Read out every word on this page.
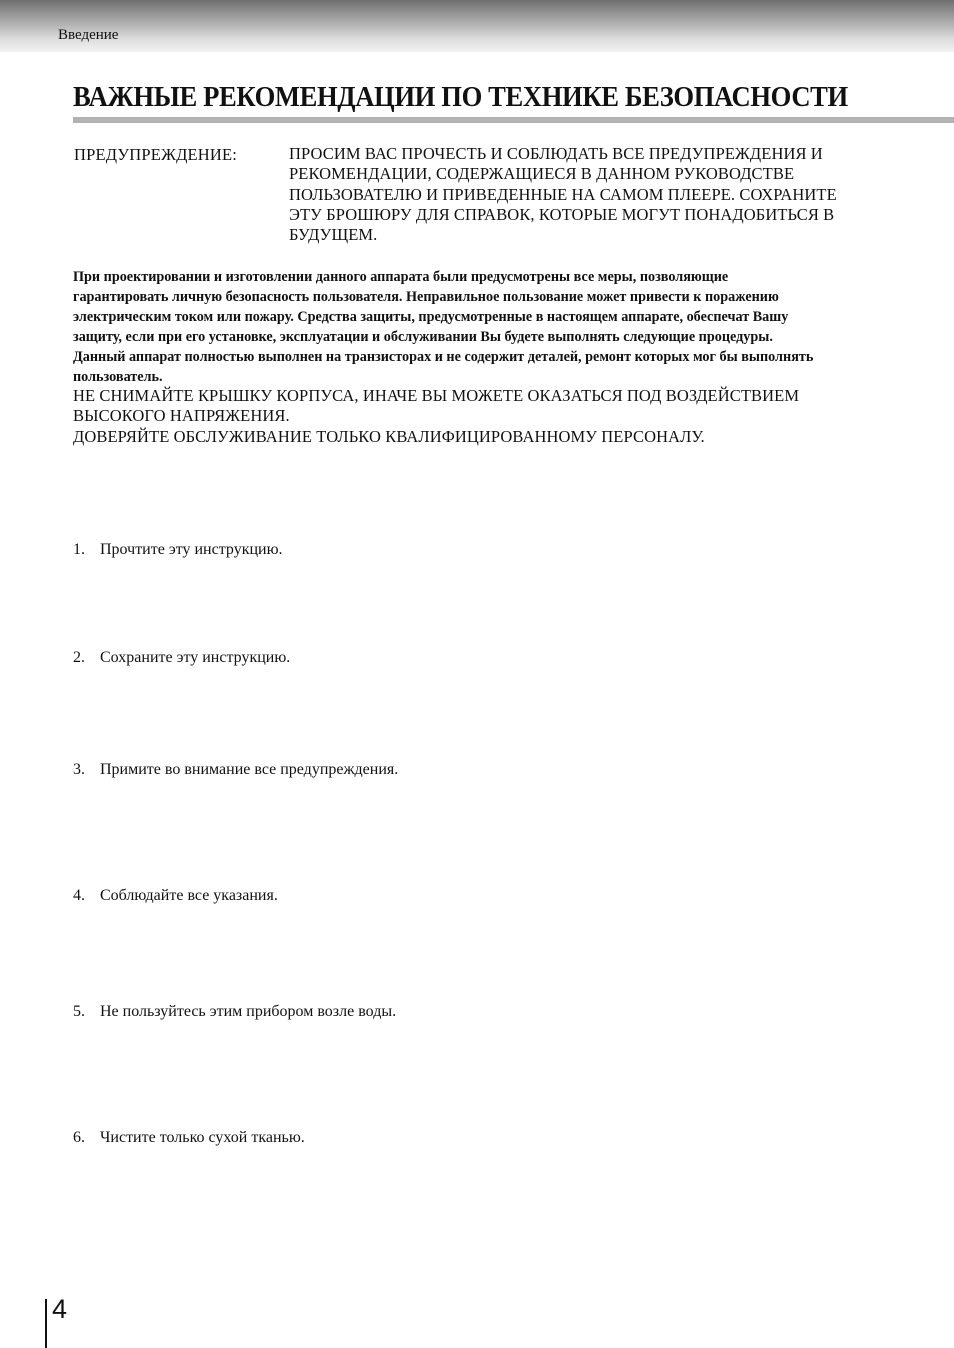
Введение
ВАЖНЫЕ РЕКОМЕНДАЦИИ ПО ТЕХНИКЕ БЕЗОПАСНОСТИ
ПРЕДУПРЕЖДЕНИЕ:	ПРОСИМ ВАС ПРОЧЕСТЬ И СОБЛЮДАТЬ ВСЕ ПРЕДУПРЕЖДЕНИЯ И
РЕКОМЕНДАЦИИ, СОДЕРЖАЩИЕСЯ В ДАННОМ РУКОВОДСТВЕ
ПОЛЬЗОВАТЕЛЮ И ПРИВЕДЕННЫЕ НА САМОМ ПЛЕЕРЕ. СОХРАНИТЕ
ЭТУ БРОШЮРУ ДЛЯ СПРАВОК, КОТОРЫЕ МОГУТ ПОНАДОБИТЬСЯ В
БУДУЩЕМ.
При проектировании и изготовлении данного аппарата были предусмотрены все меры, позволяющие
гарантировать личную безопасность пользователя. Неправильное пользование может привести к поражению
электрическим током или пожару. Средства защиты, предусмотренные в настоящем аппарате, обеспечат Вашу
защиту, если при его установке, эксплуатации и обслуживании Вы будете выполнять следующие процедуры.
Данный аппарат полностью выполнен на транзисторах и не содержит деталей, ремонт которых мог бы выполнять
пользователь.
НЕ СНИМАЙТЕ КРЫШКУ КОРПУСА, ИНАЧЕ ВЫ МОЖЕТЕ ОКАЗАТЬСЯ ПОД ВОЗДЕЙСТВИЕМ
ВЫСОКОГО НАПРЯЖЕНИЯ.
ДОВЕРЯЙТЕ ОБСЛУЖИВАНИЕ ТОЛЬКО КВАЛИФИЦИРОВАННОМУ ПЕРСОНАЛУ.
1. Прочтите эту инструкцию.
2. Сохраните эту инструкцию.
3. Примите во внимание все предупреждения.
4. Соблюдайте все указания.
5. Не пользуйтесь этим прибором возле воды.
6. Чистите только сухой тканью.
4
